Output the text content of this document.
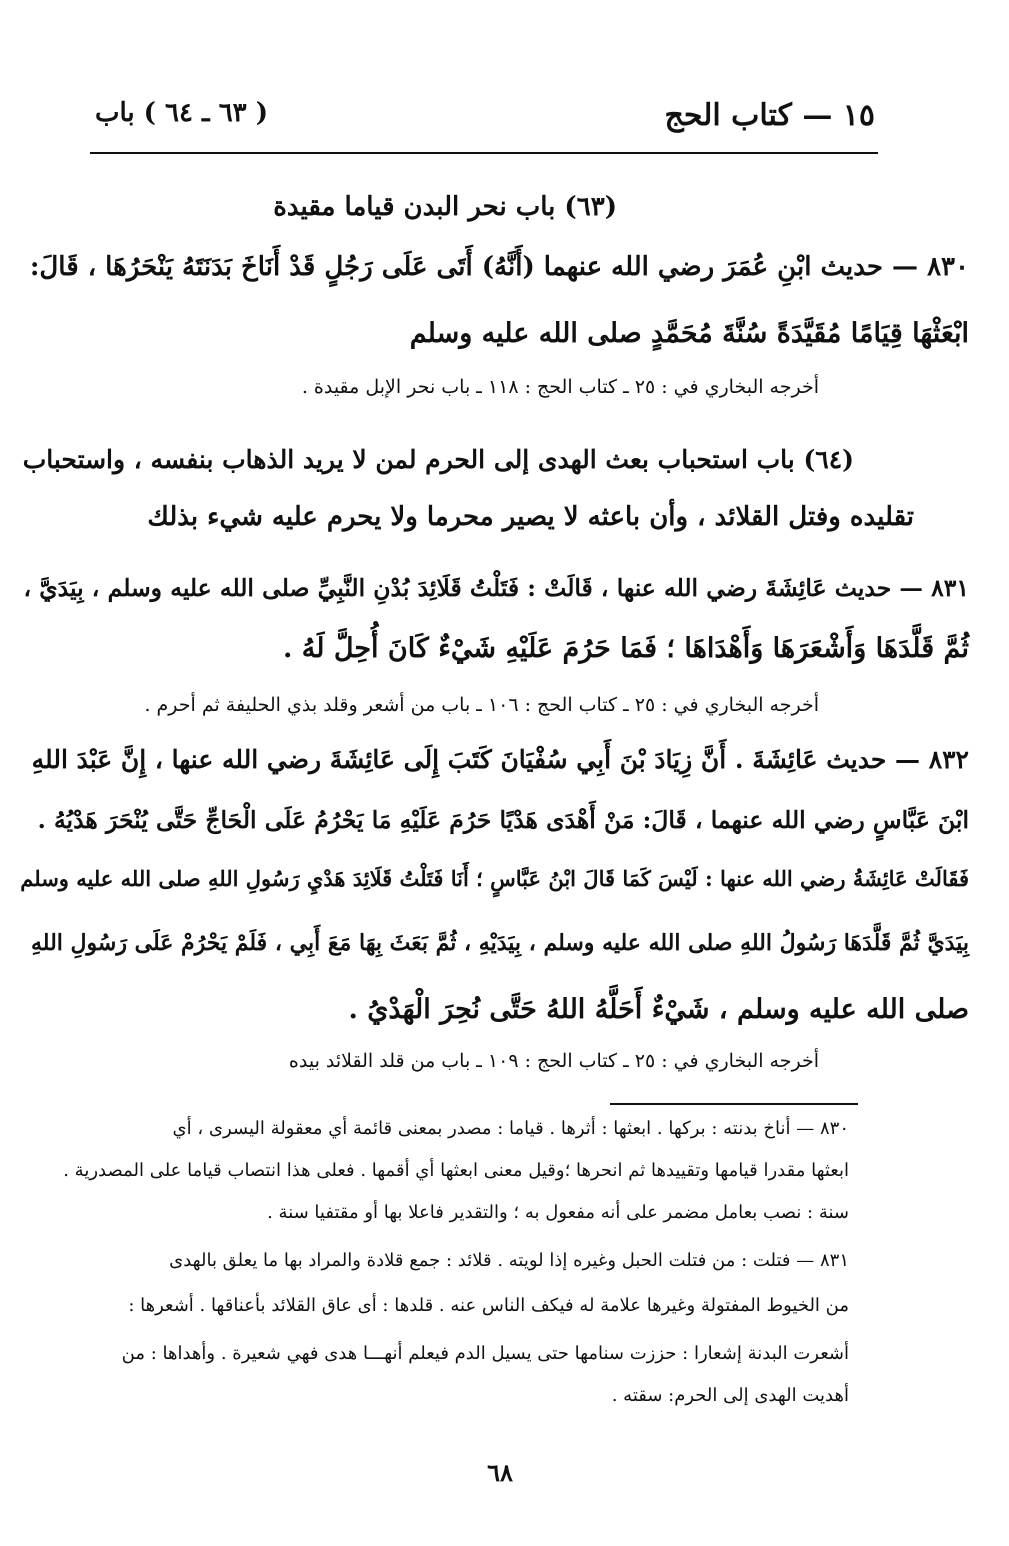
١٥ — كتاب الحج
( ٦٣ ـ ٦٤ ) باب
(٦٣) باب نحر البدن قياما مقيدة
٨٣٠ — حديث ابْنِ عُمَرَ رضي الله عنهما (أَنَّهُ) أَتَى عَلَى رَجُلٍ قَدْ أَنَاخَ بَدَنَتَهُ يَنْحَرُهَا ، قَالَ:
ابْعَثْهَا قِيَامًا مُقَيَّدَةً سُنَّةَ مُحَمَّدٍ صلى الله عليه وسلم
أخرجه البخاري في : ٢٥ ـ كتاب الحج : ١١٨ ـ باب نحر الإبل مقيدة .
(٦٤) باب استحباب بعث الهدى إلى الحرم لمن لا يريد الذهاب بنفسه ، واستحباب
تقليده وفتل القلائد ، وأن باعثه لا يصير محرما ولا يحرم عليه شيء بذلك
٨٣١ — حديث عَائِشَةَ رضي الله عنها ، قَالَتْ : فَتَلْتُ قَلَائِدَ بُدْنِ النَّبِيِّ صلى الله عليه وسلم ، بِيَدَيَّ ،
ثُمَّ قَلَّدَهَا وَأَشْعَرَهَا وَأَهْدَاهَا ؛ فَمَا حَرُمَ عَلَيْهِ شَيْءٌ كَانَ أُحِلَّ لَهُ .
أخرجه البخاري في : ٢٥ ـ كتاب الحج : ١٠٦ ـ باب من أشعر وقلد بذي الحليفة ثم أحرم .
٨٣٢ — حديث عَائِشَةَ . أَنَّ زِيَادَ بْنَ أَبِي سُفْيَانَ كَتَبَ إِلَى عَائِشَةَ رضي الله عنها ، إِنَّ عَبْدَ اللهِ
ابْنَ عَبَّاسٍ رضي الله عنهما ، قَالَ: مَنْ أَهْدَى هَدْيًا حَرُمَ عَلَيْهِ مَا يَحْرُمُ عَلَى الْحَاجِّ حَتَّى يُنْحَرَ هَدْيُهُ .
فَقَالَتْ عَائِشَةُ رضي الله عنها : لَيْسَ كَمَا قَالَ ابْنُ عَبَّاسٍ ؛ أَنَا فَتَلْتُ قَلَائِدَ هَدْيِ رَسُولِ اللهِ صلى الله عليه وسلم
بِيَدَيَّ ثُمَّ قَلَّدَهَا رَسُولُ اللهِ صلى الله عليه وسلم ، بِيَدَيْهِ ، ثُمَّ بَعَثَ بِهَا مَعَ أَبِي ، فَلَمْ يَحْرُمْ عَلَى رَسُولِ اللهِ
صلى الله عليه وسلم ، شَيْءٌ أَحَلَّهُ اللهُ حَتَّى نُحِرَ الْهَدْيُ .
أخرجه البخاري في : ٢٥ ـ كتاب الحج : ١٠٩ ـ باب من قلد القلائد بيده
٨٣٠ — أناخ بدنته : بركها . ابعثها : أثرها . قياما : مصدر بمعنى قائمة أي معقولة اليسرى ، أي
ابعثها مقدرا قيامها وتقييدها ثم انحرها ؛وقيل معنى ابعثها أي أقمها . فعلى هذا انتصاب قياما على المصدرية .
سنة : نصب بعامل مضمر على أنه مفعول به ؛ والتقدير فاعلا بها أو مقتفيا سنة .
٨٣١ — فتلت : من فتلت الحبل وغيره إذا لويته . قلائد : جمع قلادة والمراد بها ما يعلق بالهدى
من الخيوط المفتولة وغيرها علامة له فيكف الناس عنه . قلدها : أى عاق القلائد بأعناقها . أشعرها :
أشعرت البدنة إشعارا : حززت سنامها حتى يسيل الدم فيعلم أنهـــا هدى فهي شعيرة . وأهداها : من
أهديت الهدى إلى الحرم: سقته .
٦٨
